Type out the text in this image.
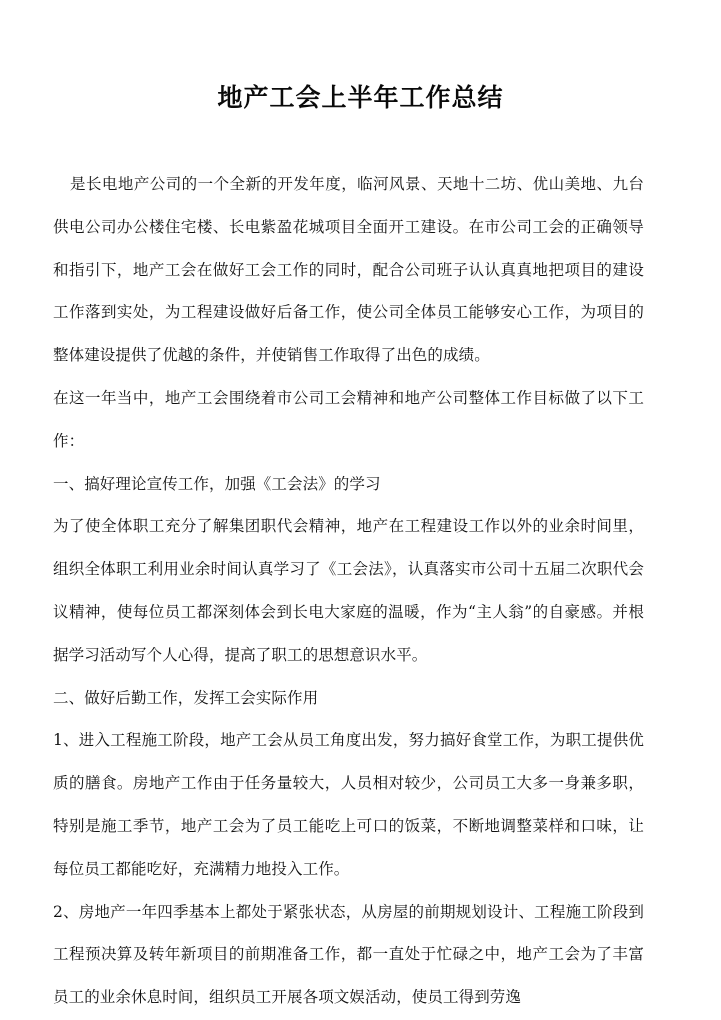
地产工会上半年工作总结

是长电地产公司的一个全新的开发年度，临河风景、天地十二坊、优山美地、九台供电公司办公楼住宅楼、长电紫盈花城项目全面开工建设。在市公司工会的正确领导和指引下，地产工会在做好工会工作的同时，配合公司班子认认真真地把项目的建设工作落到实处，为工程建设做好后备工作，使公司全体员工能够安心工作，为项目的整体建设提供了优越的条件，并使销售工作取得了出色的成绩。

在这一年当中，地产工会围绕着市公司工会精神和地产公司整体工作目标做了以下工作：

一、搞好理论宣传工作，加强《工会法》的学习

为了使全体职工充分了解集团职代会精神，地产在工程建设工作以外的业余时间里，组织全体职工利用业余时间认真学习了《工会法》，认真落实市公司十五届二次职代会议精神，使每位员工都深刻体会到长电大家庭的温暖，作为“主人翁”的自豪感。并根据学习活动写个人心得，提高了职工的思想意识水平。

二、做好后勤工作，发挥工会实际作用

1、进入工程施工阶段，地产工会从员工角度出发，努力搞好食堂工作，为职工提供优质的膳食。房地产工作由于任务量较大，人员相对较少，公司员工大多一身兼多职，特别是施工季节，地产工会为了员工能吃上可口的饭菜，不断地调整菜样和口味，让每位员工都能吃好，充满精力地投入工作。

2、房地产一年四季基本上都处于紧张状态，从房屋的前期规划设计、工程施工阶段到工程预决算及转年新项目的前期准备工作，都一直处于忙碌之中，地产工会为了丰富员工的业余休息时间，组织员工开展各项文娱活动，使员工得到劳逸
